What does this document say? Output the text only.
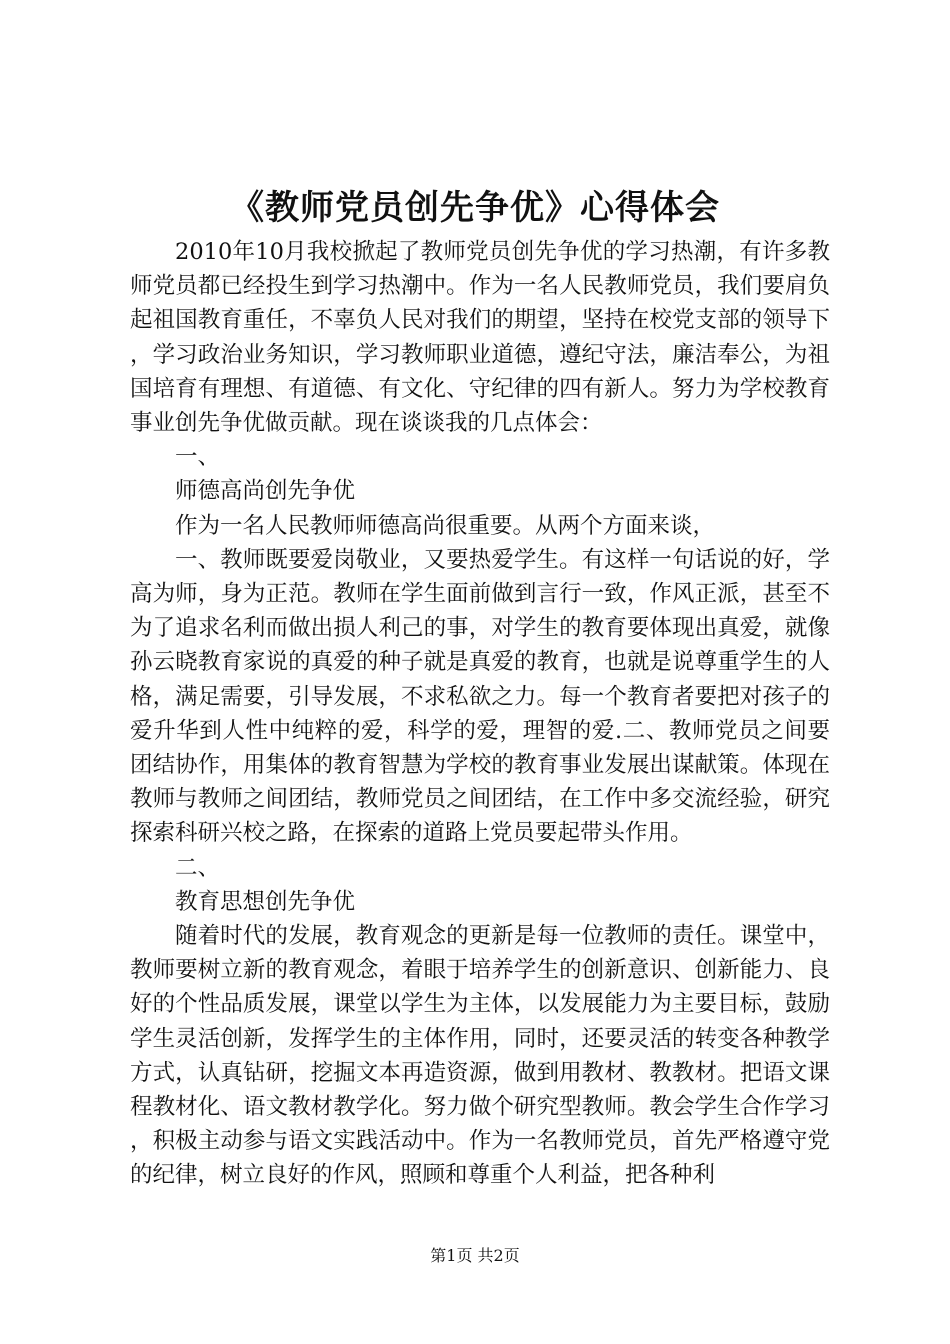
《教师党员创先争优》心得体会

2010年10月我校掀起了教师党员创先争优的学习热潮，有许多教师党员都已经投生到学习热潮中。作为一名人民教师党员，我们要肩负起祖国教育重任，不辜负人民对我们的期望，坚持在校党支部的领导下，学习政治业务知识，学习教师职业道德，遵纪守法，廉洁奉公，为祖国培育有理想、有道德、有文化、守纪律的四有新人。努力为学校教育事业创先争优做贡献。现在谈谈我的几点体会：

一、

师德高尚创先争优

作为一名人民教师师德高尚很重要。从两个方面来谈，

一、教师既要爱岗敬业，又要热爱学生。有这样一句话说的好，学高为师，身为正范。教师在学生面前做到言行一致，作风正派，甚至不为了追求名利而做出损人利己的事，对学生的教育要体现出真爱，就像孙云晓教育家说的真爱的种子就是真爱的教育，也就是说尊重学生的人格，满足需要，引导发展，不求私欲之力。每一个教育者要把对孩子的爱升华到人性中纯粹的爱，科学的爱，理智的爱.二、教师党员之间要团结协作，用集体的教育智慧为学校的教育事业发展出谋献策。体现在教师与教师之间团结，教师党员之间团结，在工作中多交流经验，研究探索科研兴校之路，在探索的道路上党员要起带头作用。

二、

教育思想创先争优

随着时代的发展，教育观念的更新是每一位教师的责任。课堂中，教师要树立新的教育观念，着眼于培养学生的创新意识、创新能力、良好的个性品质发展，课堂以学生为主体，以发展能力为主要目标，鼓励学生灵活创新，发挥学生的主体作用，同时，还要灵活的转变各种教学方式，认真钻研，挖掘文本再造资源，做到用教材、教教材。把语文课程教材化、语文教材教学化。努力做个研究型教师。教会学生合作学习，积极主动参与语文实践活动中。作为一名教师党员，首先严格遵守党的纪律，树立良好的作风，照顾和尊重个人利益，把各种利

第1页 共2页
